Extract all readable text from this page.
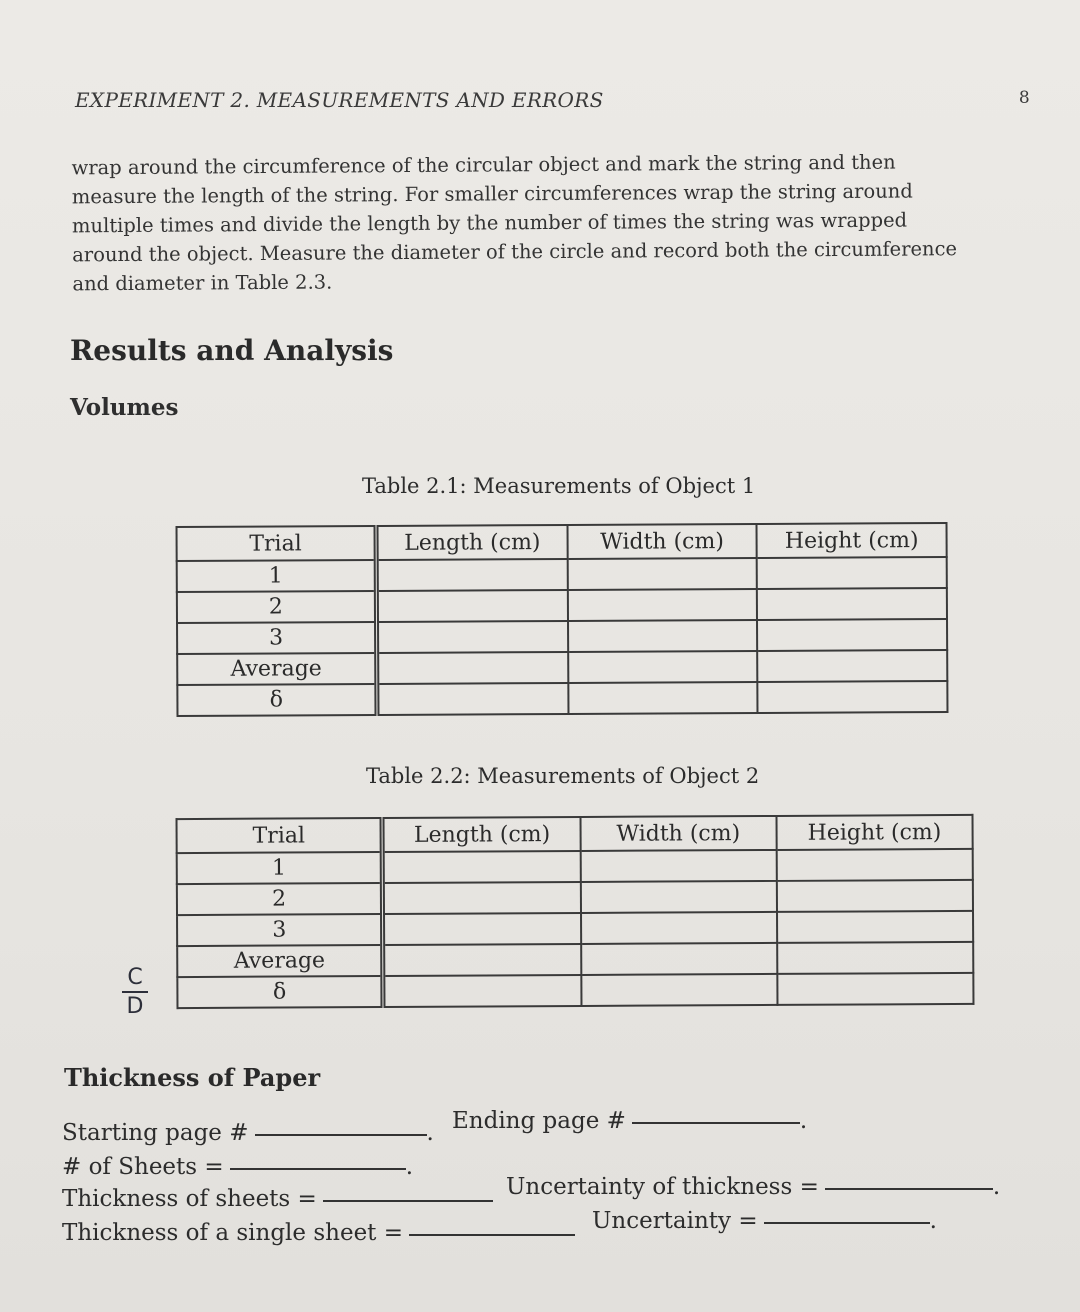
EXPERIMENT 2. MEASUREMENTS AND ERRORS	8
wrap around the circumference of the circular object and mark the string and then
measure the length of the string. For smaller circumferences wrap the string around
multiple times and divide the length by the number of times the string was wrapped
around the object. Measure the diameter of the circle and record both the circumference
and diameter in Table 2.3.
Results and Analysis
Volumes
Table 2.1: Measurements of Object 1
Trial	Length (cm)	Width (cm)	Height (cm)
1			
2			
3			
Average			
δ			
Table 2.2: Measurements of Object 2
Trial	Length (cm)	Width (cm)	Height (cm)
1			
2			
3			
Average			
δ			
C
D
Thickness of Paper
Starting page #	. Ending page #	.
# of Sheets =	.
Thickness of sheets =	Uncertainty of thickness =	.
Thickness of a single sheet =	Uncertainty =	.
